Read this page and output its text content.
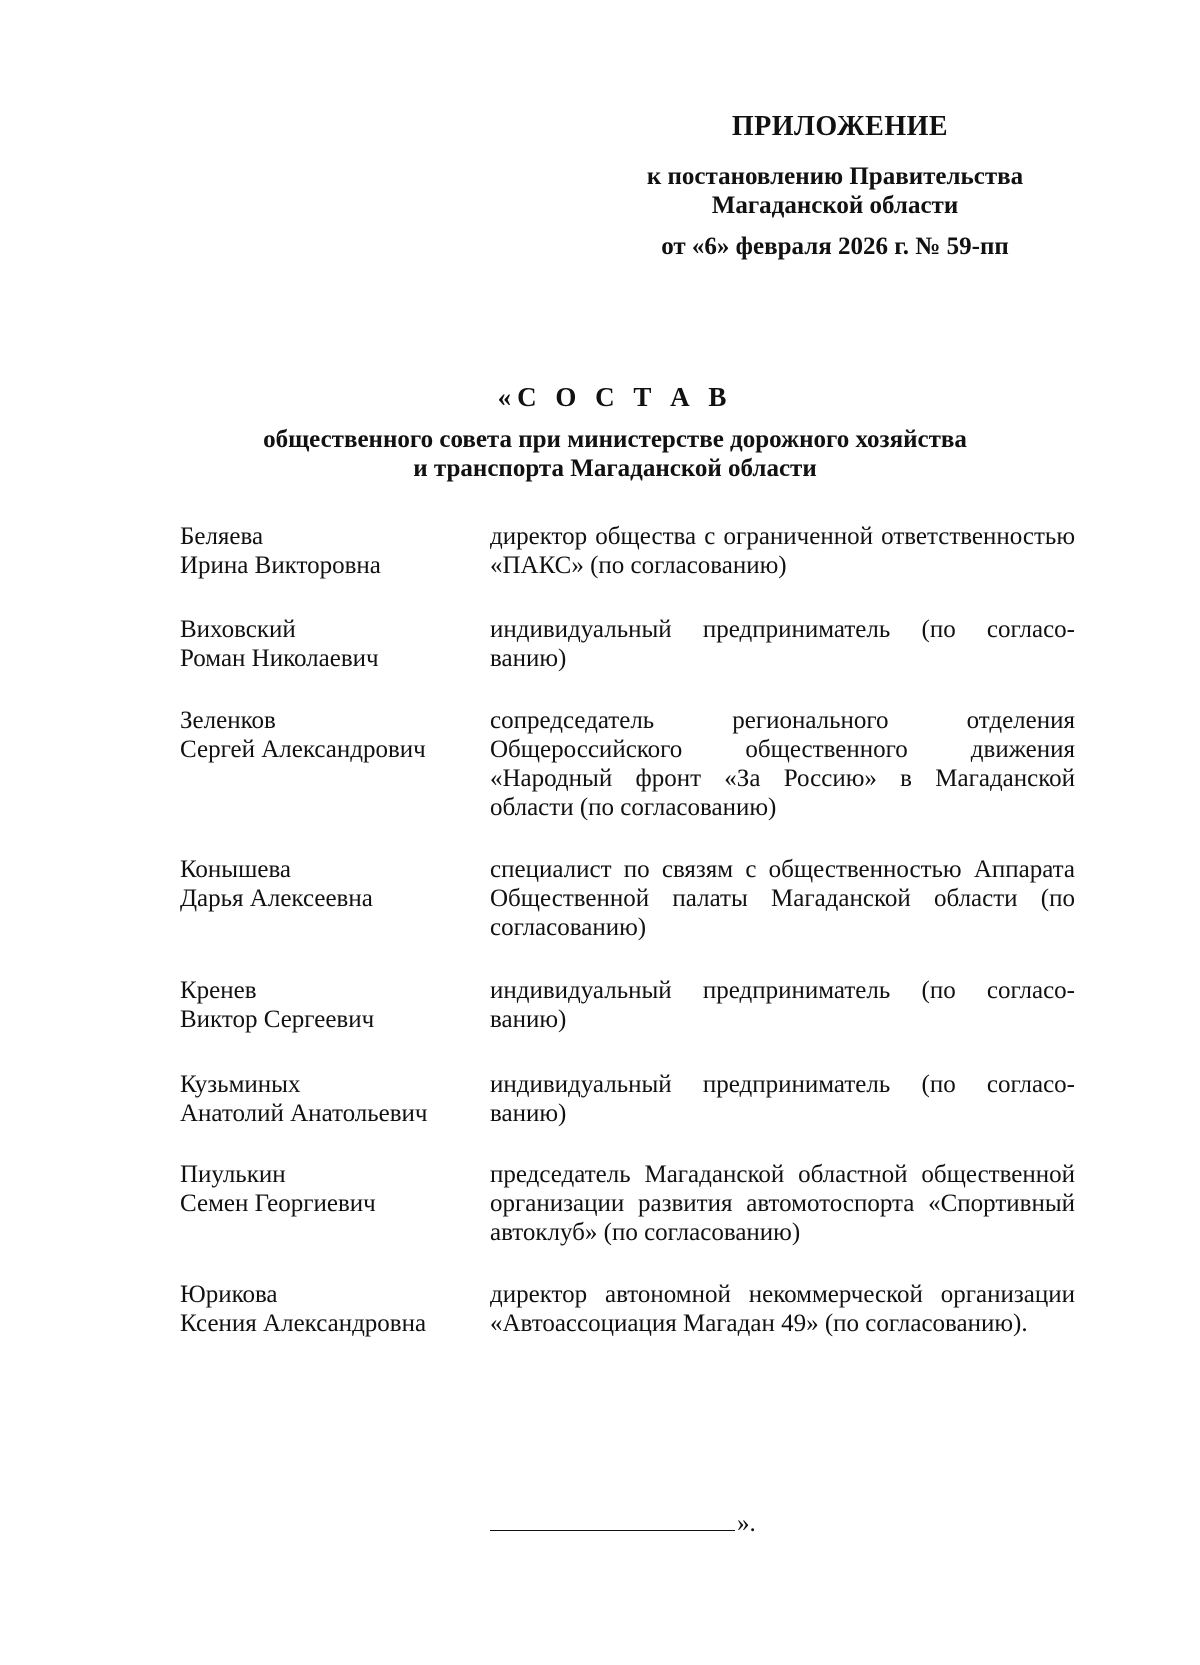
ПРИЛОЖЕНИЕ
к постановлению Правительства
Магаданской области
от «6» февраля 2026 г. № 59-пп
«С О С Т А В
общественного совета при министерстве дорожного хозяйства
и транспорта Магаданской области
Беляева
Ирина Викторовна
директор общества с ограниченной ответственностью «ПАКС» (по согласованию)
Виховский
Роман Николаевич
индивидуальный предприниматель (по согласо-ванию)
Зеленков
Сергей Александрович
сопредседатель регионального отделения Общероссийского общественного движения «Народный фронт «За Россию» в Магаданской области (по согласованию)
Конышева
Дарья Алексеевна
специалист по связям с общественностью Аппарата Общественной палаты Магаданской области (по согласованию)
Кренев
Виктор Сергеевич
индивидуальный предприниматель (по согласо-ванию)
Кузьминых
Анатолий Анатольевич
индивидуальный предприниматель (по согласо-ванию)
Пиулькин
Семен Георгиевич
председатель Магаданской областной общественной организации развития автомотоспорта «Спортивный автоклуб» (по согласованию)
Юрикова
Ксения Александровна
директор автономной некоммерческой организации «Автоассоциация Магадан 49» (по согласованию).
».
